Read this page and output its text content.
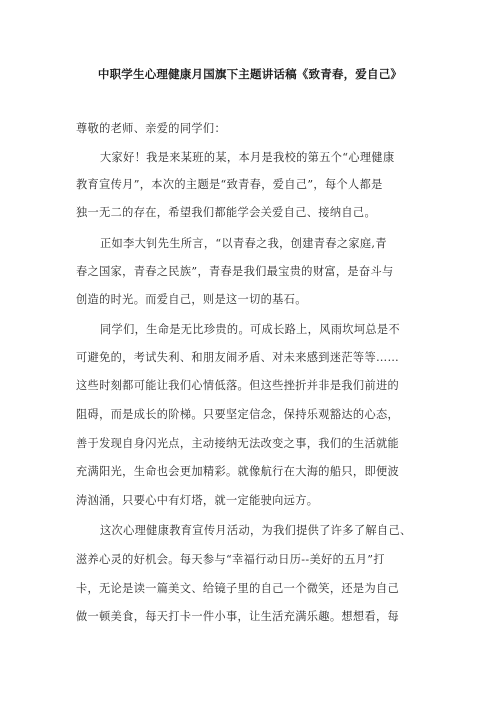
中职学生心理健康月国旗下主题讲话稿《致青春，爱自己》
尊敬的老师、亲爱的同学们：
大家好！我是来某班的某，本月是我校的第五个“心理健康
教育宣传月”，本次的主题是“致青春，爱自己”，每个人都是
独一无二的存在，希望我们都能学会关爱自己、接纳自己。
正如李大钊先生所言，“以青春之我，创建青春之家庭,青
春之国家，青春之民族”，青春是我们最宝贵的财富，是奋斗与
创造的时光。而爱自己，则是这一切的基石。
同学们，生命是无比珍贵的。可成长路上，风雨坎坷总是不
可避免的，考试失利、和朋友闹矛盾、对未来感到迷茫等等……
这些时刻都可能让我们心情低落。但这些挫折并非是我们前进的
阻碍，而是成长的阶梯。只要坚定信念，保持乐观豁达的心态，
善于发现自身闪光点，主动接纳无法改变之事，我们的生活就能
充满阳光，生命也会更加精彩。就像航行在大海的船只，即便波
涛汹涌，只要心中有灯塔，就一定能驶向远方。
这次心理健康教育宣传月活动，为我们提供了许多了解自己、
滋养心灵的好机会。每天参与“幸福行动日历--美好的五月”打
卡，无论是读一篇美文、给镜子里的自己一个微笑，还是为自己
做一顿美食，每天打卡一件小事，让生活充满乐趣。想想看，每
